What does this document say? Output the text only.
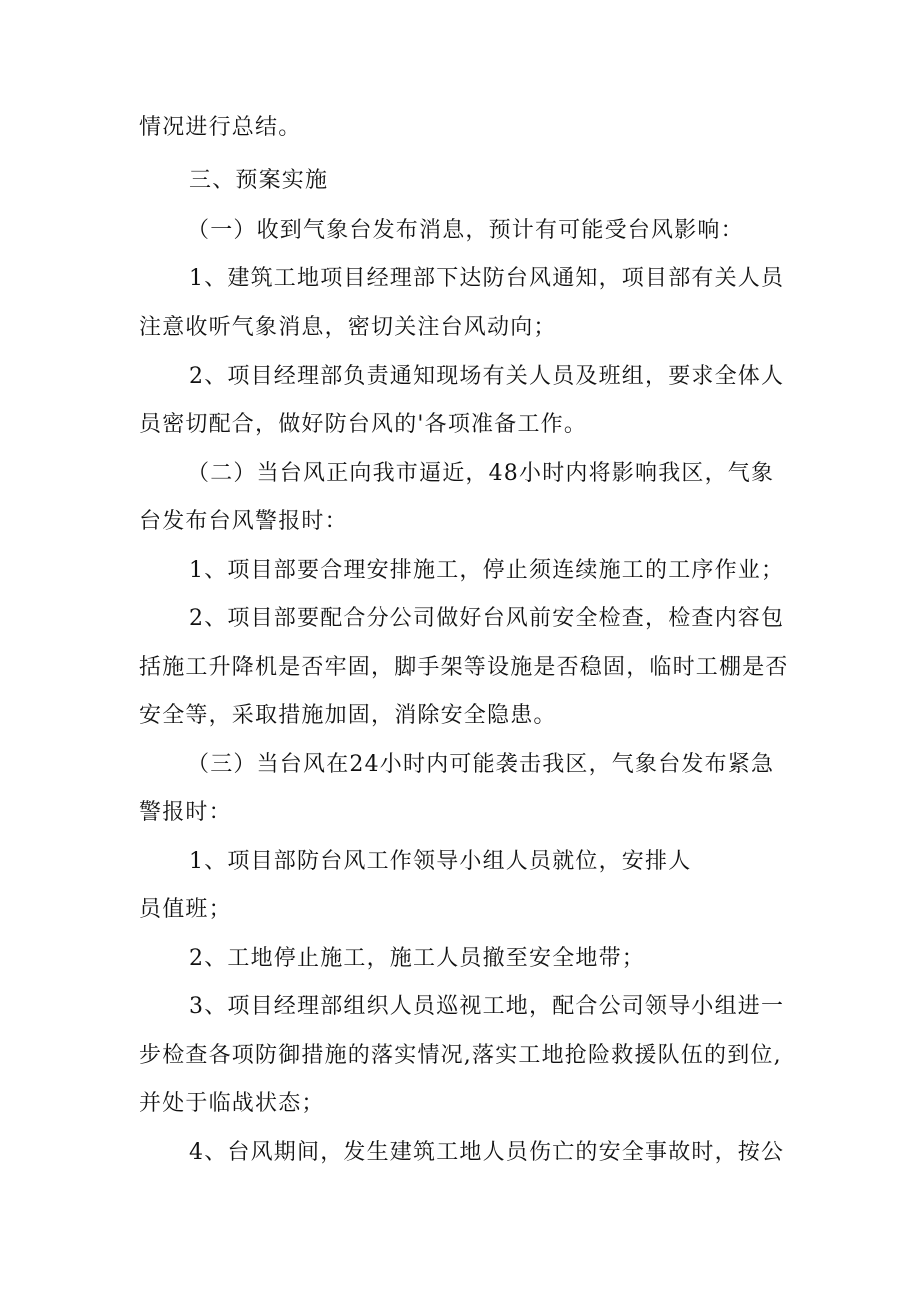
情况进行总结。
三、预案实施
（一）收到气象台发布消息，预计有可能受台风影响：
1、建筑工地项目经理部下达防台风通知，项目部有关人员
注意收听气象消息，密切关注台风动向；
2、项目经理部负责通知现场有关人员及班组，要求全体人
员密切配合，做好防台风的'各项准备工作。
（二）当台风正向我市逼近，48小时内将影响我区，气象
台发布台风警报时：
1、项目部要合理安排施工，停止须连续施工的工序作业；
2、项目部要配合分公司做好台风前安全检查，检查内容包
括施工升降机是否牢固，脚手架等设施是否稳固，临时工棚是否
安全等，采取措施加固，消除安全隐患。
（三）当台风在24小时内可能袭击我区，气象台发布紧急
警报时：
1、项目部防台风工作领导小组人员就位，安排人
员值班；
2、工地停止施工，施工人员撤至安全地带；
3、项目经理部组织人员巡视工地，配合公司领导小组进一
步检查各项防御措施的落实情况,落实工地抢险救援队伍的到位,
并处于临战状态；
4、台风期间，发生建筑工地人员伤亡的安全事故时，按公
